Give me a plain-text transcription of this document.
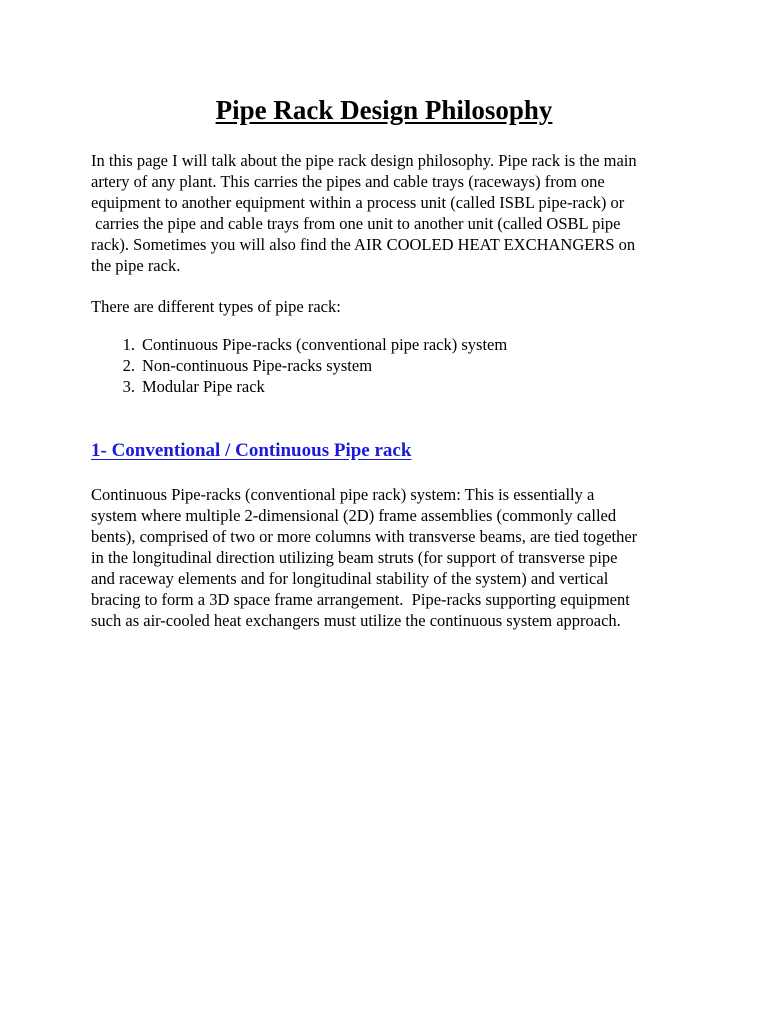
Pipe Rack Design Philosophy

In this page I will talk about the pipe rack design philosophy. Pipe rack is the main
artery of any plant. This carries the pipes and cable trays (raceways) from one
equipment to another equipment within a process unit (called ISBL pipe-rack) or
carries the pipe and cable trays from one unit to another unit (called OSBL pipe
rack). Sometimes you will also find the AIR COOLED HEAT EXCHANGERS on
the pipe rack.

There are different types of pipe rack:

1. Continuous Pipe-racks (conventional pipe rack) system
2. Non-continuous Pipe-racks system
3. Modular Pipe rack
1- Conventional / Continuous Pipe rack

Continuous Pipe-racks (conventional pipe rack) system: This is essentially a
system where multiple 2-dimensional (2D) frame assemblies (commonly called
bents), comprised of two or more columns with transverse beams, are tied together
in the longitudinal direction utilizing beam struts (for support of transverse pipe
and raceway elements and for longitudinal stability of the system) and vertical
bracing to form a 3D space frame arrangement.  Pipe-racks supporting equipment
such as air-cooled heat exchangers must utilize the continuous system approach.
